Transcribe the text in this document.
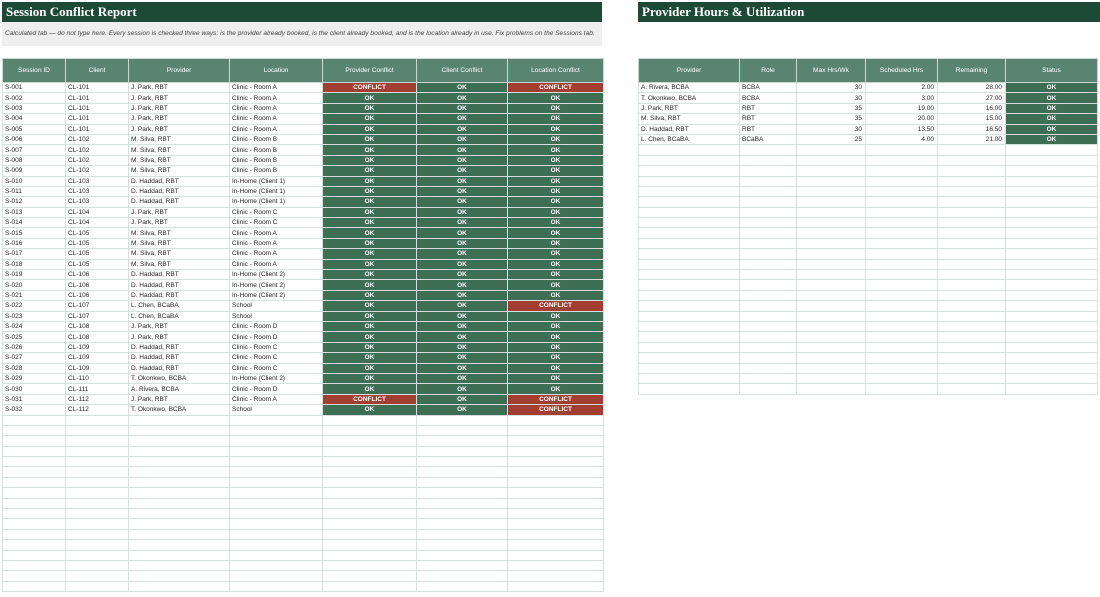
Session Conflict Report
Calculated tab — do not type here. Every session is checked three ways: is the provider already booked, is the client already booked, and is the location already in use. Fix problems on the Sessions tab.
Session ID	Client	Provider	Location	Provider Conflict	Client Conflict	Location Conflict
S-001	CL-101	J. Park, RBT	Clinic - Room A	CONFLICT	OK	CONFLICT
S-002	CL-101	J. Park, RBT	Clinic - Room A	OK	OK	OK
S-003	CL-101	J. Park, RBT	Clinic - Room A	OK	OK	OK
S-004	CL-101	J. Park, RBT	Clinic - Room A	OK	OK	OK
S-005	CL-101	J. Park, RBT	Clinic - Room A	OK	OK	OK
S-006	CL-102	M. Silva, RBT	Clinic - Room B	OK	OK	OK
S-007	CL-102	M. Silva, RBT	Clinic - Room B	OK	OK	OK
S-008	CL-102	M. Silva, RBT	Clinic - Room B	OK	OK	OK
S-009	CL-102	M. Silva, RBT	Clinic - Room B	OK	OK	OK
S-010	CL-103	D. Haddad, RBT	In-Home (Client 1)	OK	OK	OK
S-011	CL-103	D. Haddad, RBT	In-Home (Client 1)	OK	OK	OK
S-012	CL-103	D. Haddad, RBT	In-Home (Client 1)	OK	OK	OK
S-013	CL-104	J. Park, RBT	Clinic - Room C	OK	OK	OK
S-014	CL-104	J. Park, RBT	Clinic - Room C	OK	OK	OK
S-015	CL-105	M. Silva, RBT	Clinic - Room A	OK	OK	OK
S-016	CL-105	M. Silva, RBT	Clinic - Room A	OK	OK	OK
S-017	CL-105	M. Silva, RBT	Clinic - Room A	OK	OK	OK
S-018	CL-105	M. Silva, RBT	Clinic - Room A	OK	OK	OK
S-019	CL-106	D. Haddad, RBT	In-Home (Client 2)	OK	OK	OK
S-020	CL-106	D. Haddad, RBT	In-Home (Client 2)	OK	OK	OK
S-021	CL-106	D. Haddad, RBT	In-Home (Client 2)	OK	OK	OK
S-022	CL-107	L. Chen, BCaBA	School	OK	OK	CONFLICT
S-023	CL-107	L. Chen, BCaBA	School	OK	OK	OK
S-024	CL-108	J. Park, RBT	Clinic - Room D	OK	OK	OK
S-025	CL-108	J. Park, RBT	Clinic - Room D	OK	OK	OK
S-026	CL-109	D. Haddad, RBT	Clinic - Room C	OK	OK	OK
S-027	CL-109	D. Haddad, RBT	Clinic - Room C	OK	OK	OK
S-028	CL-109	D. Haddad, RBT	Clinic - Room C	OK	OK	OK
S-029	CL-110	T. Okonkwo, BCBA	In-Home (Client 2)	OK	OK	OK
S-030	CL-111	A. Rivera, BCBA	Clinic - Room D	OK	OK	OK
S-031	CL-112	J. Park, RBT	Clinic - Room A	CONFLICT	OK	CONFLICT
S-032	CL-112	T. Okonkwo, BCBA	School	OK	OK	CONFLICT

Provider Hours & Utilization
Provider	Role	Max Hrs/Wk	Scheduled Hrs	Remaining	Status
A. Rivera, BCBA	BCBA	30	2.00	28.00	OK
T. Okonkwo, BCBA	BCBA	30	3.00	27.00	OK
J. Park, RBT	RBT	35	19.00	16.00	OK
M. Silva, RBT	RBT	35	20.00	15.00	OK
D. Haddad, RBT	RBT	30	13.50	16.50	OK
L. Chen, BCaBA	BCaBA	25	4.00	21.00	OK
